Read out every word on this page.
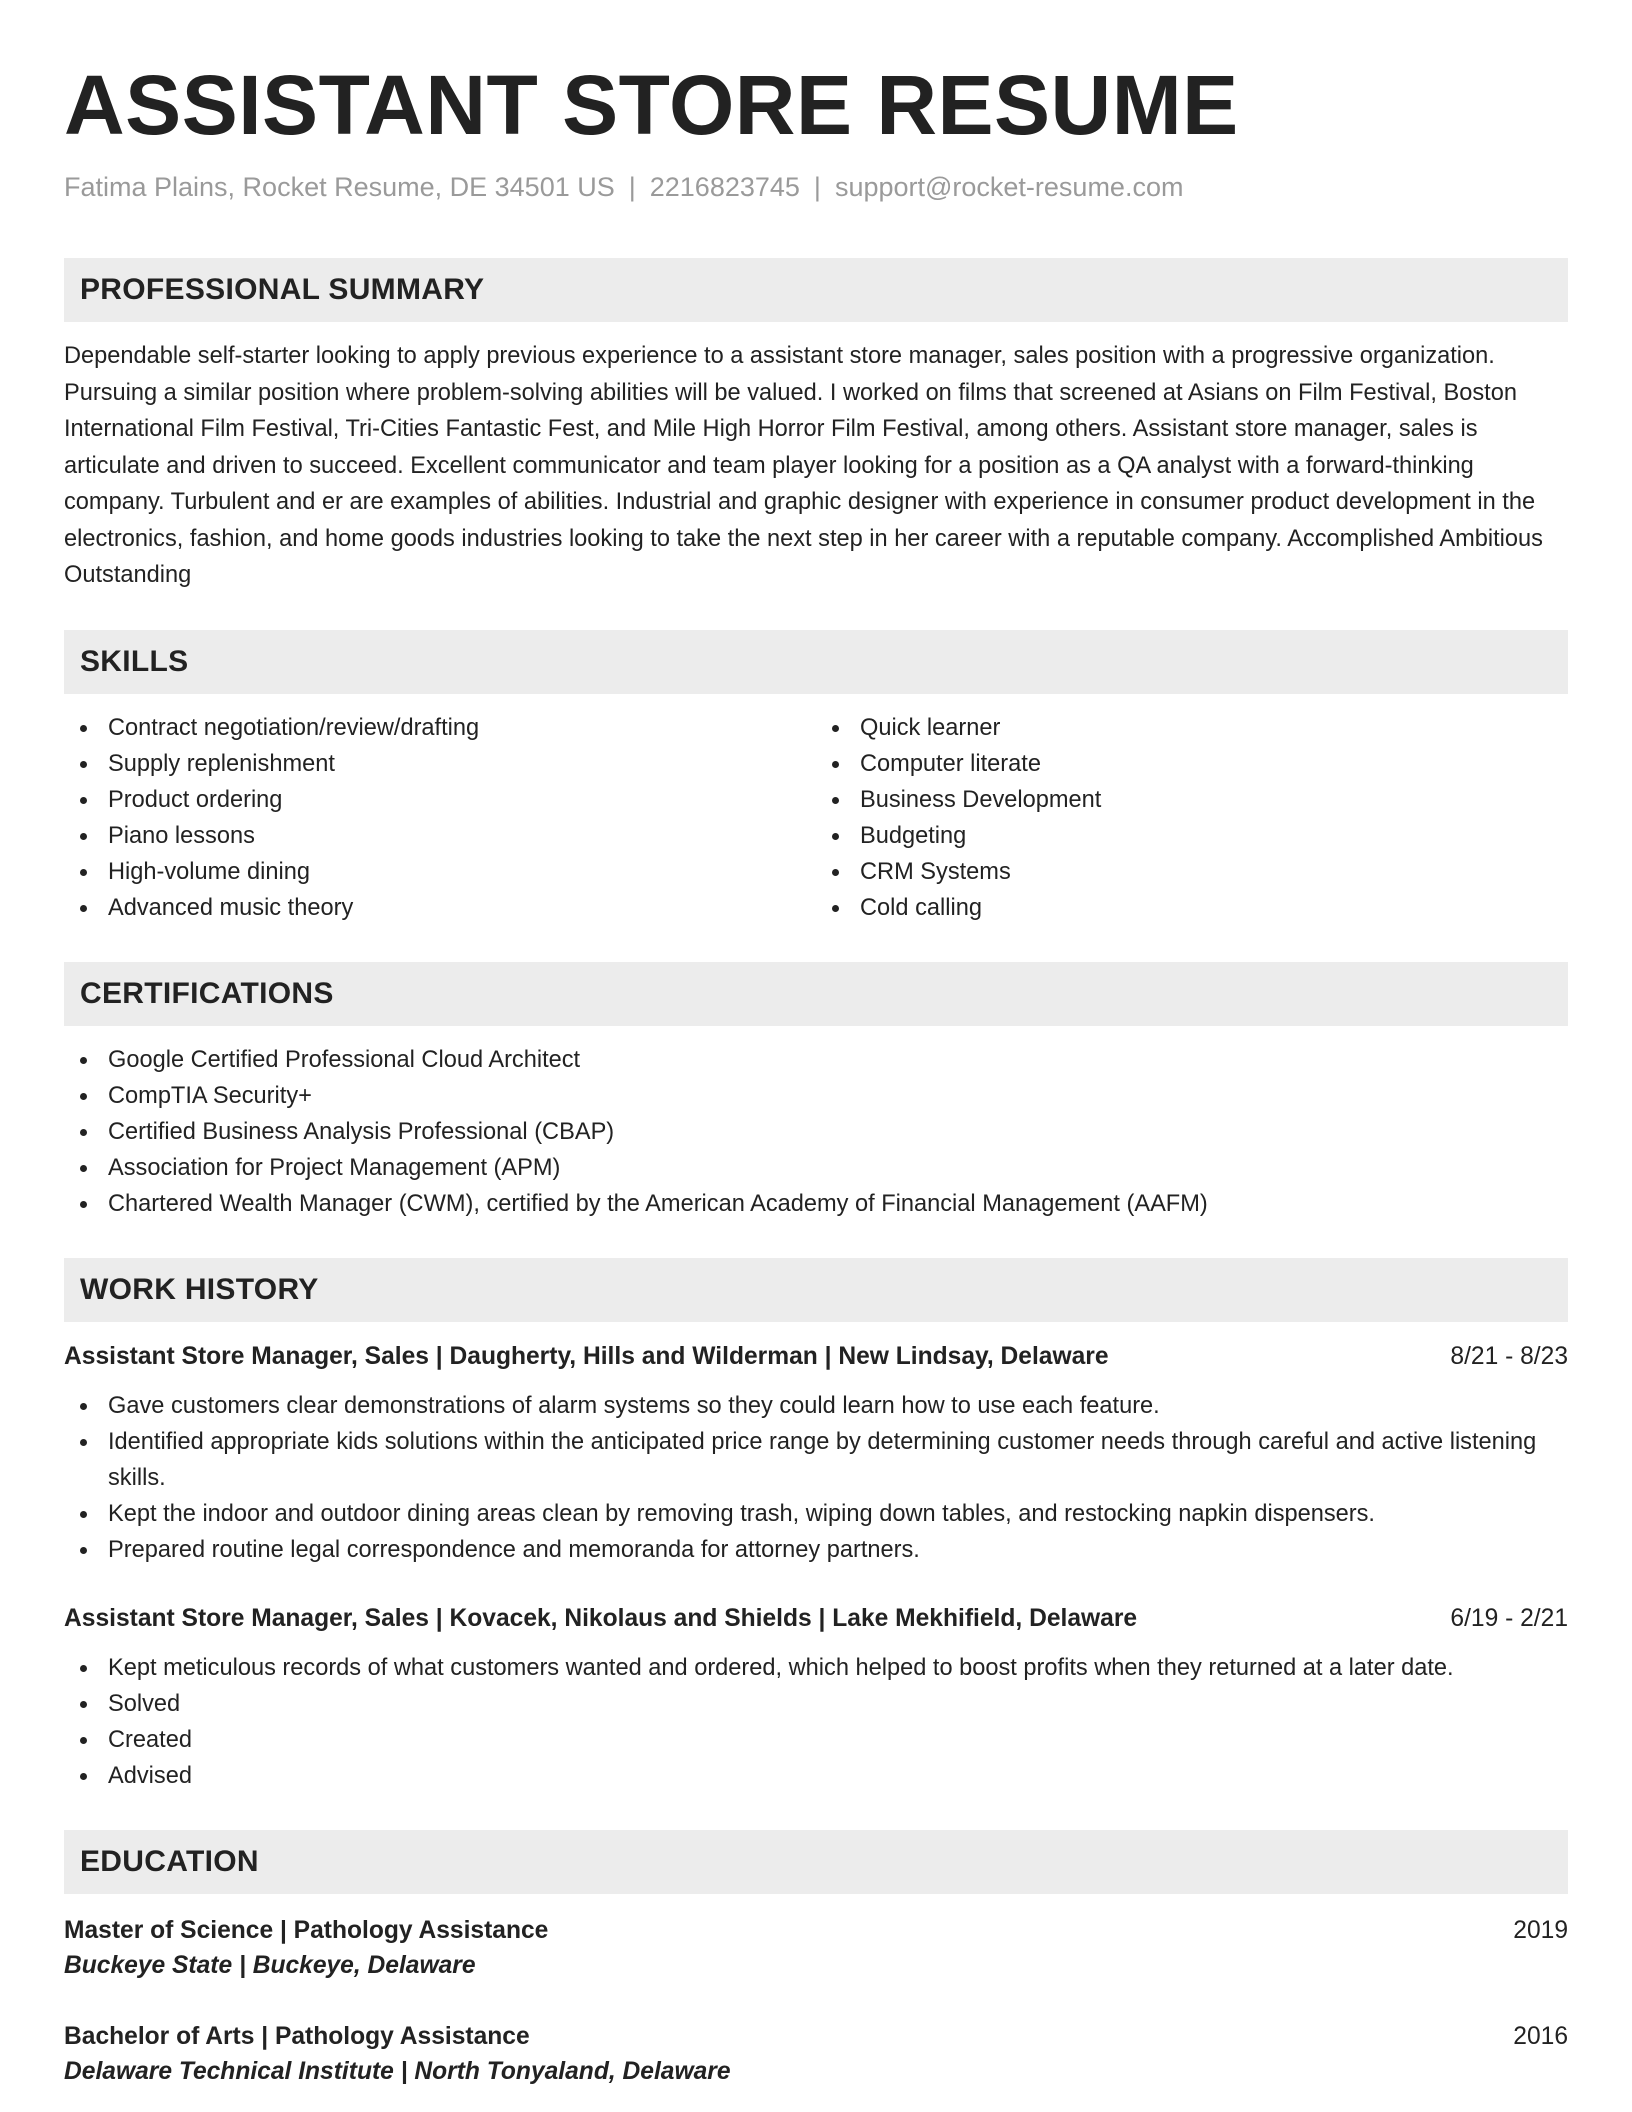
ASSISTANT STORE RESUME
Fatima Plains, Rocket Resume, DE 34501 US | 2216823745 | support@rocket-resume.com
PROFESSIONAL SUMMARY

Dependable self-starter looking to apply previous experience to a assistant store manager, sales position with a progressive organization. Pursuing a similar position where problem-solving abilities will be valued. I worked on films that screened at Asians on Film Festival, Boston International Film Festival, Tri-Cities Fantastic Fest, and Mile High Horror Film Festival, among others. Assistant store manager, sales is articulate and driven to succeed. Excellent communicator and team player looking for a position as a QA analyst with a forward-thinking company. Turbulent and er are examples of abilities. Industrial and graphic designer with experience in consumer product development in the electronics, fashion, and home goods industries looking to take the next step in her career with a reputable company. Accomplished Ambitious Outstanding

SKILLS
Contract negotiation/review/drafting
Supply replenishment
Product ordering
Piano lessons
High-volume dining
Advanced music theory
Quick learner
Computer literate
Business Development
Budgeting
CRM Systems
Cold calling
CERTIFICATIONS
Google Certified Professional Cloud Architect
CompTIA Security+
Certified Business Analysis Professional (CBAP)
Association for Project Management (APM)
Chartered Wealth Manager (CWM), certified by the American Academy of Financial Management (AAFM)
WORK HISTORY
Assistant Store Manager, Sales | Daugherty, Hills and Wilderman | New Lindsay, Delaware	8/21 - 8/23
Gave customers clear demonstrations of alarm systems so they could learn how to use each feature.
Identified appropriate kids solutions within the anticipated price range by determining customer needs through careful and active listening skills.
Kept the indoor and outdoor dining areas clean by removing trash, wiping down tables, and restocking napkin dispensers.
Prepared routine legal correspondence and memoranda for attorney partners.
Assistant Store Manager, Sales | Kovacek, Nikolaus and Shields | Lake Mekhifield, Delaware	6/19 - 2/21
Kept meticulous records of what customers wanted and ordered, which helped to boost profits when they returned at a later date.
Solved
Created
Advised
EDUCATION
Master of Science | Pathology Assistance	2019
Buckeye State | Buckeye, Delaware
Bachelor of Arts | Pathology Assistance	2016
Delaware Technical Institute | North Tonyaland, Delaware
